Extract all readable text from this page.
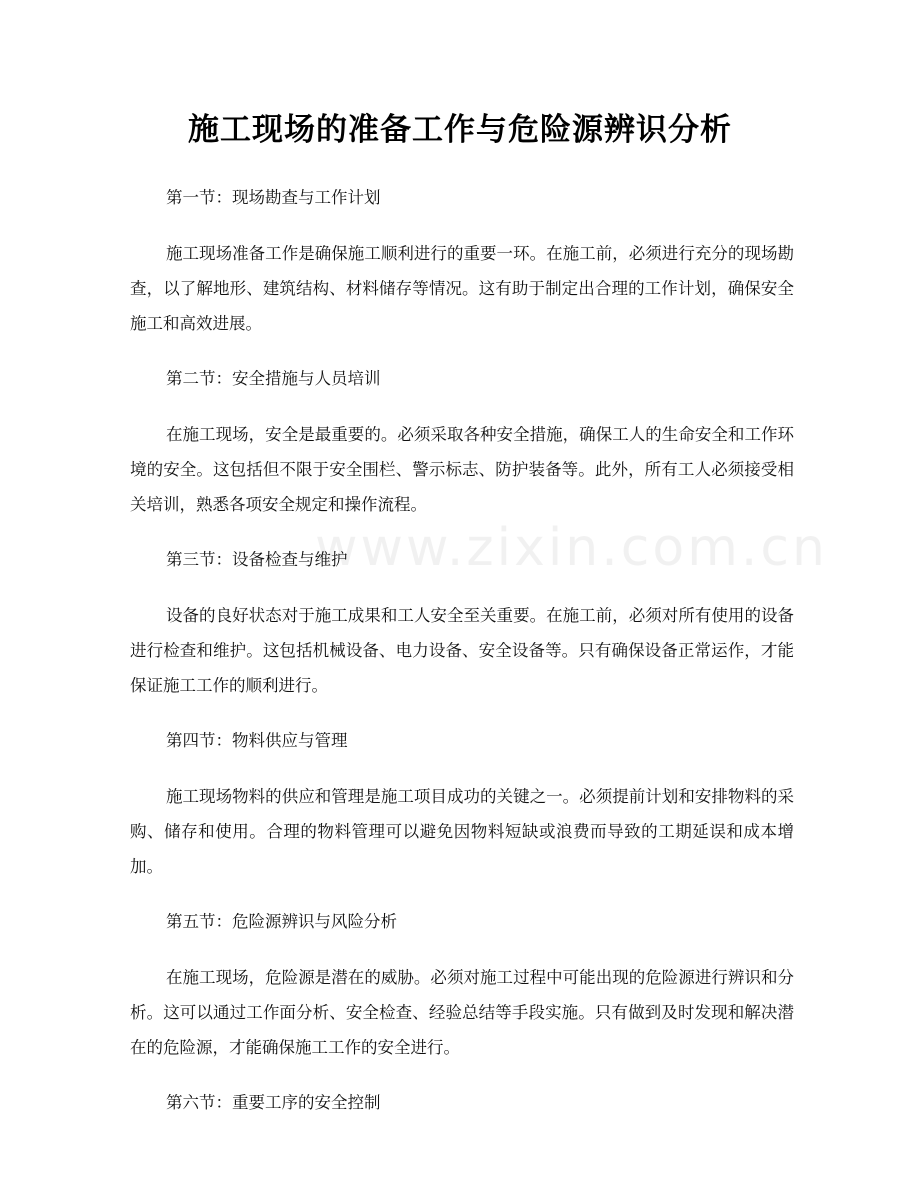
施工现场的准备工作与危险源辨识分析
www.zixin.com.cn

第一节：现场勘查与工作计划

施工现场准备工作是确保施工顺利进行的重要一环。在施工前，必须进行充分的现场勘查，以了解地形、建筑结构、材料储存等情况。这有助于制定出合理的工作计划，确保安全施工和高效进展。

第二节：安全措施与人员培训

在施工现场，安全是最重要的。必须采取各种安全措施，确保工人的生命安全和工作环境的安全。这包括但不限于安全围栏、警示标志、防护装备等。此外，所有工人必须接受相关培训，熟悉各项安全规定和操作流程。

第三节：设备检查与维护

设备的良好状态对于施工成果和工人安全至关重要。在施工前，必须对所有使用的设备进行检查和维护。这包括机械设备、电力设备、安全设备等。只有确保设备正常运作，才能保证施工工作的顺利进行。

第四节：物料供应与管理

施工现场物料的供应和管理是施工项目成功的关键之一。必须提前计划和安排物料的采购、储存和使用。合理的物料管理可以避免因物料短缺或浪费而导致的工期延误和成本增加。

第五节：危险源辨识与风险分析

在施工现场，危险源是潜在的威胁。必须对施工过程中可能出现的危险源进行辨识和分析。这可以通过工作面分析、安全检查、经验总结等手段实施。只有做到及时发现和解决潜在的危险源，才能确保施工工作的安全进行。

第六节：重要工序的安全控制
